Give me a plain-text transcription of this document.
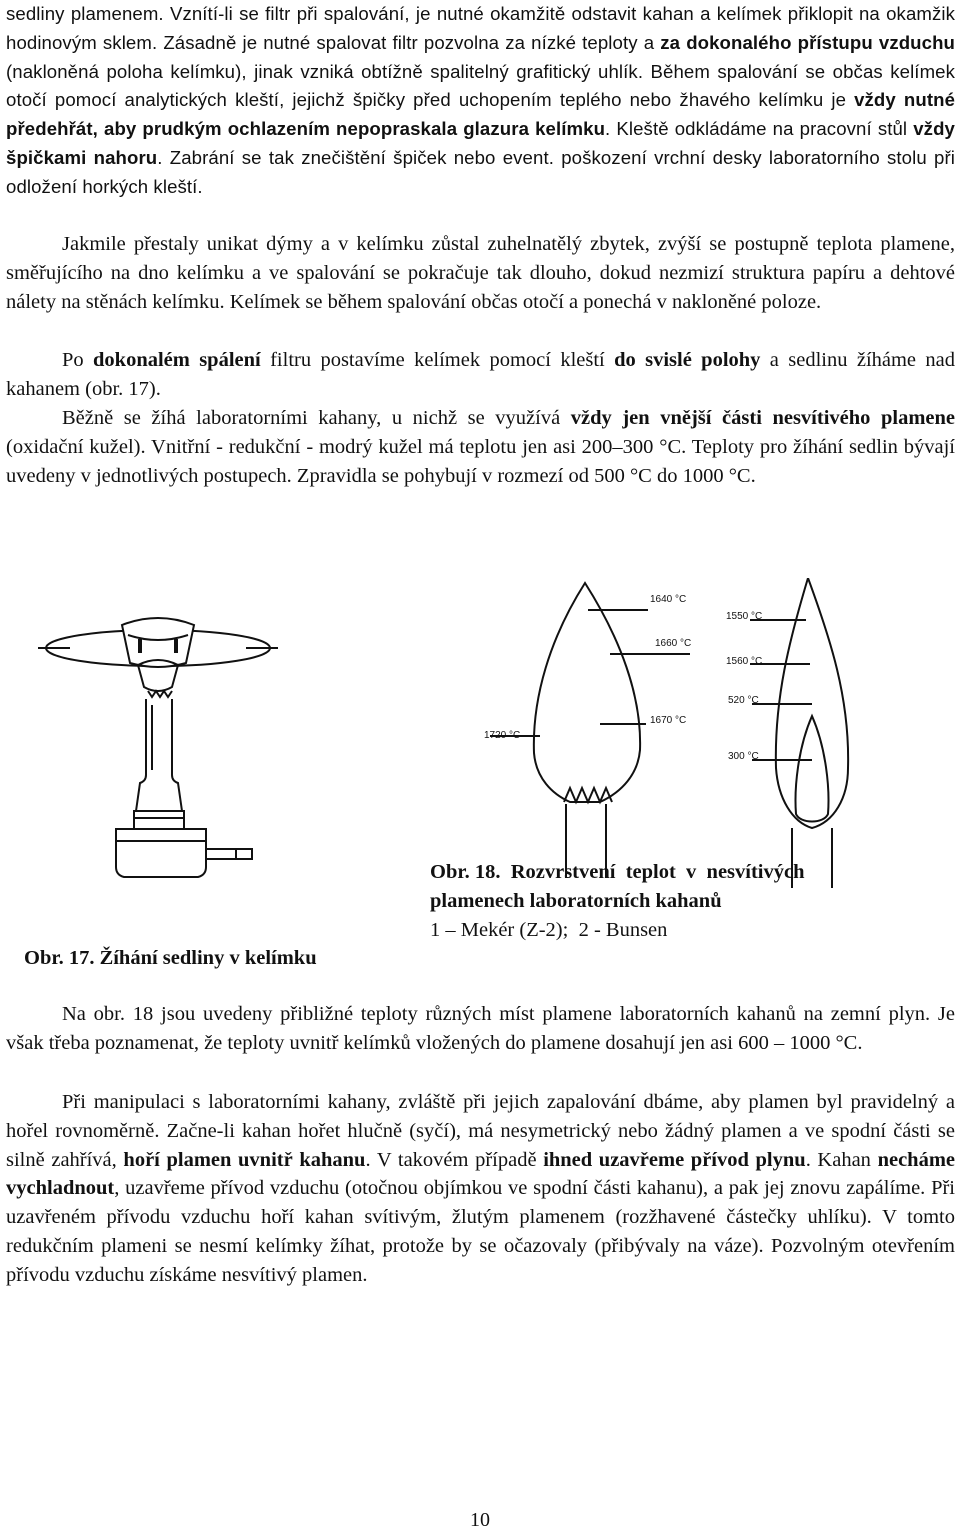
sedliny plamenem. Vznítí-li se filtr při spalování, je nutné okamžitě odstavit kahan a kelímek přiklopit na okamžik hodinovým sklem. Zásadně je nutné spalovat filtr pozvolna za nízké teploty a za dokonalého přístupu vzduchu (nakloněná poloha kelímku), jinak vzniká obtížně spalitelný grafitický uhlík. Během spalování se občas kelímek otočí pomocí analytických kleští, jejichž špičky před uchopením teplého nebo žhavého kelímku je vždy nutné předehřát, aby prudkým ochlazením nepopraskala glazura kelímku. Kleště odkládáme na pracovní stůl vždy špičkami nahoru. Zabrání se tak znečištění špiček nebo event. poškození vrchní desky laboratorního stolu při odložení horkých kleští.
Jakmile přestaly unikat dýmy a v kelímku zůstal zuhelnatělý zbytek, zvýší se postupně teplota plamene, směřujícího na dno kelímku a ve spalování se pokračuje tak dlouho, dokud nezmizí struktura papíru a dehtové nálety na stěnách kelímku. Kelímek se během spalování občas otočí a ponechá v nakloněné poloze.
Po dokonalém spálení filtru postavíme kelímek pomocí kleští do svislé polohy a sedlinu žíháme nad kahanem (obr. 17).
Běžně se žíhá laboratorními kahany, u nichž se využívá vždy jen vnější části nesvítivého plamene (oxidační kužel). Vnitřní - redukční - modrý kužel má teplotu jen asi 200–300 °C. Teploty pro žíhání sedlin bývají uvedeny v jednotlivých postupech. Zpravidla se pohybují v rozmezí od 500 °C do 1000 °C.
1640 °C
1660 °C
1720 °C
1670 °C
1550 °C
1560 °C
520 °C
300 °C
Obr. 18.  Rozvrstvení  teplot  v  nesvítivých
plamenech laboratorních kahanů
1 – Mekér (Z-2);  2 - Bunsen
Obr. 17. Žíhání sedliny v kelímku
Na obr. 18 jsou uvedeny přibližné teploty různých míst plamene laboratorních kahanů na zemní plyn. Je však třeba poznamenat, že teploty uvnitř kelímků vložených do plamene dosahují jen asi 600 – 1000 °C.
Při manipulaci s laboratorními kahany, zvláště při jejich zapalování dbáme, aby plamen byl pravidelný a hořel rovnoměrně. Začne-li kahan hořet hlučně (syčí), má nesymetrický nebo žádný plamen a ve spodní části se silně zahřívá, hoří plamen uvnitř kahanu. V takovém případě ihned uzavřeme přívod plynu. Kahan necháme vychladnout, uzavřeme přívod vzduchu (otočnou objímkou ve spodní části kahanu), a pak jej znovu zapálíme. Při uzavřeném přívodu vzduchu hoří kahan svítivým, žlutým plamenem (rozžhavené částečky uhlíku). V tomto redukčním plameni se nesmí kelímky žíhat, protože by se očazovaly (přibývaly na váze). Pozvolným otevřením přívodu vzduchu získáme nesvítivý plamen.
10
